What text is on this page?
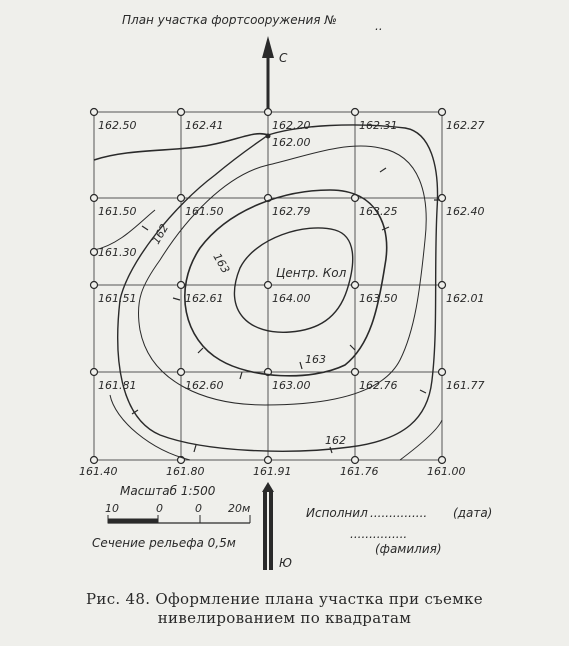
План участка фортсооружения №	..
С
162.50	162.41	162.20	162.31	162.27
161.50	161.50	162.79	163.25	162.40
161.51	162.61	164.00	163.50	162.01
161.81	162.60	163.00	162.76	161.77
161.40	161.80	161.91	161.76	161.00
162
163
162
163
162.00
161.30
Центр. Кол
Масштаб 1:500
10	0	0 20м
Сечение рельефа 0,5м
Ю
Исполнил ............... (дата)
...............
(фамилия)
Рис. 48. Оформление плана участка при съемке
нивелированием по квадратам
